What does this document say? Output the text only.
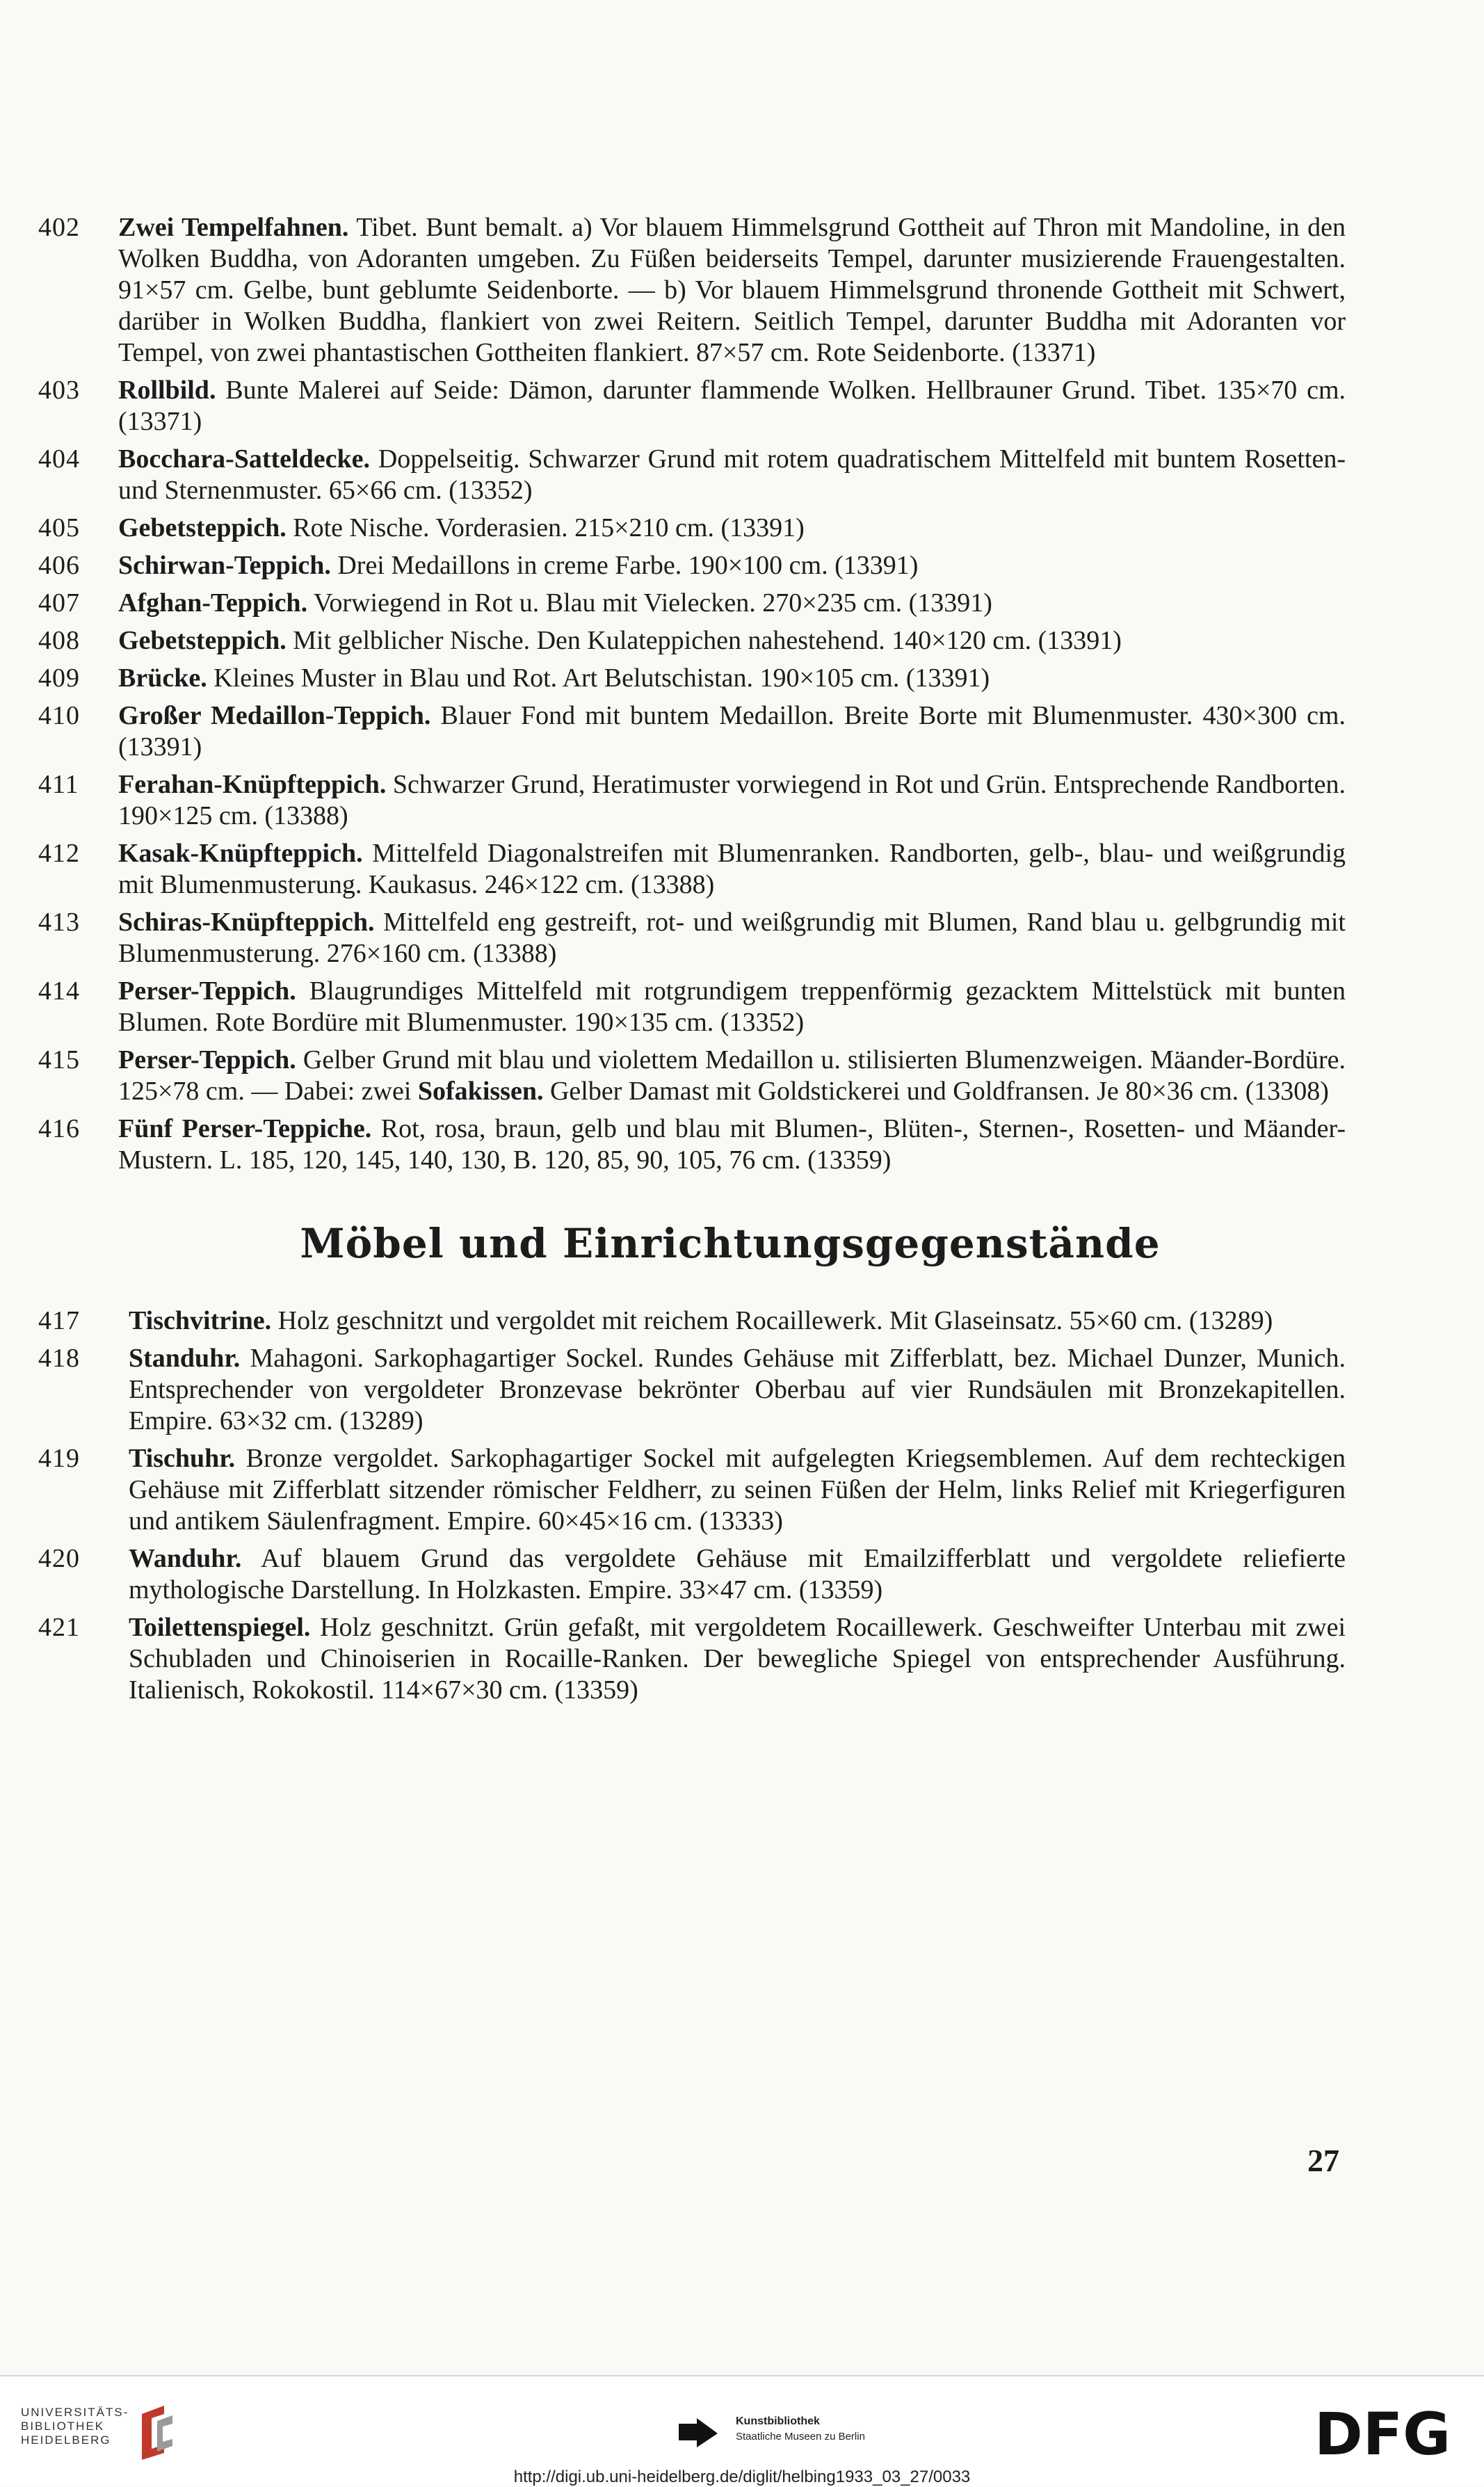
402	Zwei Tempelfahnen. Tibet. Bunt bemalt. a) Vor blauem Himmelsgrund Gottheit auf Thron mit Mandoline, in den Wolken Buddha, von Adoranten umgeben. Zu Füßen beiderseits Tempel, darunter musizierende Frauengestalten. 91×57 cm. Gelbe, bunt geblumte Seidenborte. — b) Vor blauem Himmelsgrund thronende Gottheit mit Schwert, darüber in Wolken Buddha, flankiert von zwei Reitern. Seitlich Tempel, darunter Buddha mit Adoranten vor Tempel, von zwei phantastischen Gottheiten flankiert. 87×57 cm. Rote Seidenborte. (13371)
403	Rollbild. Bunte Malerei auf Seide: Dämon, darunter flammende Wolken. Hellbrauner Grund. Tibet. 135×70 cm. (13371)
404	Bocchara-Satteldecke. Doppelseitig. Schwarzer Grund mit rotem quadratischem Mittelfeld mit buntem Rosetten- und Sternenmuster. 65×66 cm. (13352)
405	Gebetsteppich. Rote Nische. Vorderasien. 215×210 cm. (13391)
406	Schirwan-Teppich. Drei Medaillons in creme Farbe. 190×100 cm. (13391)
407	Afghan-Teppich. Vorwiegend in Rot u. Blau mit Vielecken. 270×235 cm. (13391)
408	Gebetsteppich. Mit gelblicher Nische. Den Kulateppichen nahestehend. 140×120 cm. (13391)
409	Brücke. Kleines Muster in Blau und Rot. Art Belutschistan. 190×105 cm. (13391)
410	Großer Medaillon-Teppich. Blauer Fond mit buntem Medaillon. Breite Borte mit Blumenmuster. 430×300 cm. (13391)
411	Ferahan-Knüpfteppich. Schwarzer Grund, Heratimuster vorwiegend in Rot und Grün. Entsprechende Randborten. 190×125 cm. (13388)
412	Kasak-Knüpfteppich. Mittelfeld Diagonalstreifen mit Blumenranken. Randborten, gelb-, blau- und weißgrundig mit Blumenmusterung. Kaukasus. 246×122 cm. (13388)
413	Schiras-Knüpfteppich. Mittelfeld eng gestreift, rot- und weißgrundig mit Blumen, Rand blau u. gelbgrundig mit Blumenmusterung. 276×160 cm. (13388)
414	Perser-Teppich. Blaugrundiges Mittelfeld mit rotgrundigem treppenförmig gezacktem Mittelstück mit bunten Blumen. Rote Bordüre mit Blumenmuster. 190×135 cm. (13352)
415	Perser-Teppich. Gelber Grund mit blau und violettem Medaillon u. stilisierten Blumenzweigen. Mäander-Bordüre. 125×78 cm. — Dabei: zwei Sofakissen. Gelber Damast mit Goldstickerei und Goldfransen. Je 80×36 cm. (13308)
416	Fünf Perser-Teppiche. Rot, rosa, braun, gelb und blau mit Blumen-, Blüten-, Sternen-, Rosetten- und Mäander-Mustern. L. 185, 120, 145, 140, 130, B. 120, 85, 90, 105, 76 cm. (13359)
Möbel und Einrichtungsgegenstände
417	Tischvitrine. Holz geschnitzt und vergoldet mit reichem Rocaillewerk. Mit Glaseinsatz. 55×60 cm. (13289)
418	Standuhr. Mahagoni. Sarkophagartiger Sockel. Rundes Gehäuse mit Zifferblatt, bez. Michael Dunzer, Munich. Entsprechender von vergoldeter Bronzevase bekrönter Oberbau auf vier Rundsäulen mit Bronzekapitellen. Empire. 63×32 cm. (13289)
419	Tischuhr. Bronze vergoldet. Sarkophagartiger Sockel mit aufgelegten Kriegsemblemen. Auf dem rechteckigen Gehäuse mit Zifferblatt sitzender römischer Feldherr, zu seinen Füßen der Helm, links Relief mit Kriegerfiguren und antikem Säulenfragment. Empire. 60×45×16 cm. (13333)
420	Wanduhr. Auf blauem Grund das vergoldete Gehäuse mit Emailzifferblatt und vergoldete reliefierte mythologische Darstellung. In Holzkasten. Empire. 33×47 cm. (13359)
421	Toilettenspiegel. Holz geschnitzt. Grün gefaßt, mit vergoldetem Rocaillewerk. Geschweifter Unterbau mit zwei Schubladen und Chinoiserien in Rocaille-Ranken. Der bewegliche Spiegel von entsprechender Ausführung. Italienisch, Rokokostil. 114×67×30 cm. (13359)
27
UNIVERSITÄTS-
BIBLIOTHEK
HEIDELBERG
Kunstbibliothek
Staatliche Museen zu Berlin	DFG
http://digi.ub.uni-heidelberg.de/diglit/helbing1933_03_27/0033
